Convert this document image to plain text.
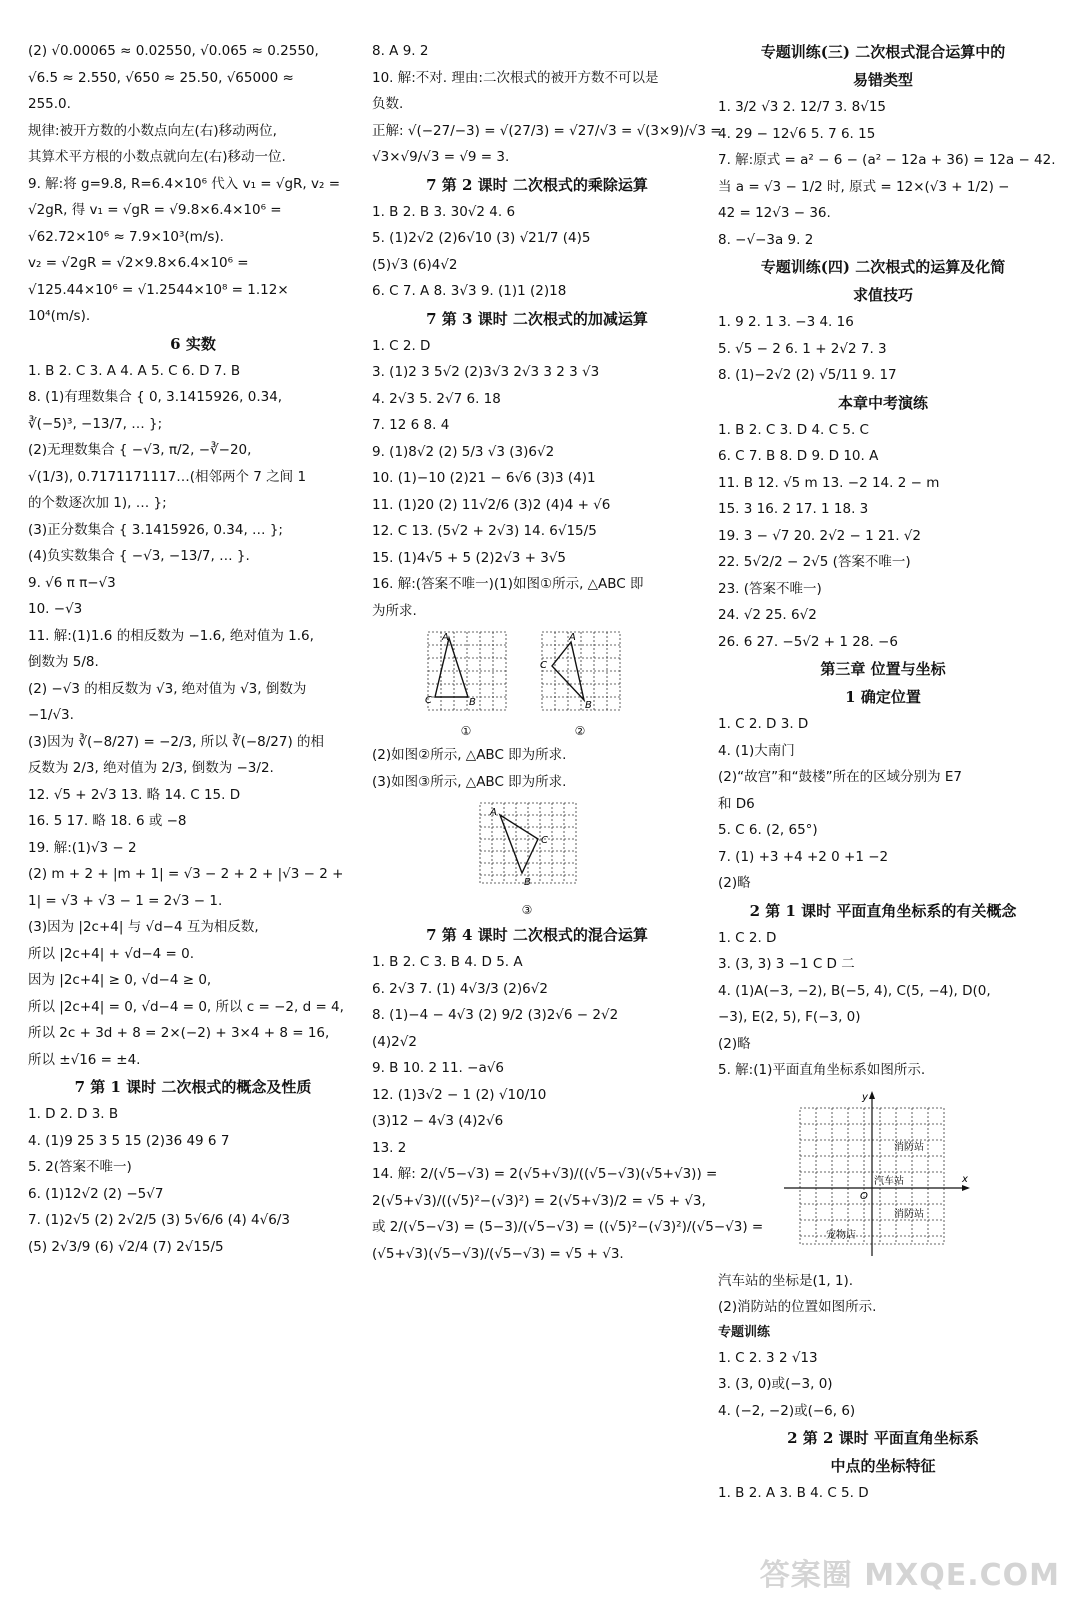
(2) √0.00065 ≈ 0.02550, √0.065 ≈ 0.2550,
√6.5 ≈ 2.550, √650 ≈ 25.50, √65000 ≈
255.0.
规律:被开方数的小数点向左(右)移动两位,
其算术平方根的小数点就向左(右)移动一位.
9. 解:将 g=9.8, R=6.4×10⁶ 代入 v₁ = √gR, v₂ =
√2gR, 得 v₁ = √gR = √9.8×6.4×10⁶ =
√62.72×10⁶ ≈ 7.9×10³(m/s).
v₂ = √2gR = √2×9.8×6.4×10⁶ =
√125.44×10⁶ = √1.2544×10⁸ = 1.12×
10⁴(m/s).
6 实数
1. B 2. C 3. A 4. A 5. C 6. D 7. B
8. (1)有理数集合 { 0, 3.1415926, 0.3̇4̇,
∛(−5)³, −13/7, … };
(2)无理数集合 { −√3, π/2, −∛−20,
√(1/3), 0.7171171117…(相邻两个 7 之间 1
的个数逐次加 1), … };
(3)正分数集合 { 3.1415926, 0.3̇4̇, … };
(4)负实数集合 { −√3, −13/7, … }.
9. √6 π π−√3
10. −√3
11. 解:(1)1.6 的相反数为 −1.6, 绝对值为 1.6,
倒数为 5/8.
(2) −√3 的相反数为 √3, 绝对值为 √3, 倒数为
−1/√3.
(3)因为 ∛(−8/27) = −2/3, 所以 ∛(−8/27) 的相
反数为 2/3, 绝对值为 2/3, 倒数为 −3/2.
12. √5 + 2√3 13. 略 14. C 15. D
16. 5 17. 略 18. 6 或 −8
19. 解:(1)√3 − 2
(2) m + 2 + |m + 1| = √3 − 2 + 2 + |√3 − 2 +
1| = √3 + √3 − 1 = 2√3 − 1.
(3)因为 |2c+4| 与 √d−4 互为相反数,
所以 |2c+4| + √d−4 = 0.
因为 |2c+4| ≥ 0, √d−4 ≥ 0,
所以 |2c+4| = 0, √d−4 = 0, 所以 c = −2, d = 4,
所以 2c + 3d + 8 = 2×(−2) + 3×4 + 8 = 16,
所以 ±√16 = ±4.
7 第 1 课时 二次根式的概念及性质
1. D 2. D 3. B
4. (1)9 25 3 5 15 (2)36 49 6 7
5. 2(答案不唯一)
6. (1)12√2 (2) −5√7
7. (1)2√5 (2) 2√2/5 (3) 5√6/6 (4) 4√6/3
(5) 2√3/9 (6) √2/4 (7) 2√15/5
8. A 9. 2
10. 解:不对. 理由:二次根式的被开方数不可以是
负数.
正解: √(−27/−3) = √(27/3) = √27/√3 = √(3×9)/√3 =
√3×√9/√3 = √9 = 3.
7 第 2 课时 二次根式的乘除运算
1. B 2. B 3. 30√2 4. 6
5. (1)2√2 (2)6√10 (3) √21/7 (4)5
(5)√3 (6)4√2
6. C 7. A 8. 3√3 9. (1)1 (2)18
7 第 3 课时 二次根式的加减运算
1. C 2. D
3. (1)2 3 5√2 (2)3√3 2√3 3 2 3 √3
4. 2√3 5. 2√7 6. 18
7. 12 6 8. 4
9. (1)8√2 (2) 5/3 √3 (3)6√2
10. (1)−10 (2)21 − 6√6 (3)3 (4)1
11. (1)20 (2) 11√2/6 (3)2 (4)4 + √6
12. C 13. (5√2 + 2√3) 14. 6√15/5
15. (1)4√5 + 5 (2)2√3 + 3√5
16. 解:(答案不唯一)(1)如图①所示, △ABC 即
为所求.
A
C	B
①
A
C
B
②
(2)如图②所示, △ABC 即为所求.
(3)如图③所示, △ABC 即为所求.
A
C
B
③
7 第 4 课时 二次根式的混合运算
1. B 2. C 3. B 4. D 5. A
6. 2√3 7. (1) 4√3/3 (2)6√2
8. (1)−4 − 4√3 (2) 9/2 (3)2√6 − 2√2
(4)2√2
9. B 10. 2 11. −a√6
12. (1)3√2 − 1 (2) √10/10
(3)12 − 4√3 (4)2√6
13. 2
14. 解: 2/(√5−√3) = 2(√5+√3)/((√5−√3)(√5+√3)) =
2(√5+√3)/((√5)²−(√3)²) = 2(√5+√3)/2 = √5 + √3,
或 2/(√5−√3) = (5−3)/(√5−√3) = ((√5)²−(√3)²)/(√5−√3) =
(√5+√3)(√5−√3)/(√5−√3) = √5 + √3.
专题训练(三) 二次根式混合运算中的
易错类型
1. 3/2 √3 2. 12/7 3. 8√15
4. 29 − 12√6 5. 7 6. 15
7. 解:原式 = a² − 6 − (a² − 12a + 36) = 12a − 42.
当 a = √3 − 1/2 时, 原式 = 12×(√3 + 1/2) −
42 = 12√3 − 36.
8. −√−3a 9. 2
专题训练(四) 二次根式的运算及化简
求值技巧
1. 9 2. 1 3. −3 4. 16
5. √5 − 2 6. 1 + 2√2 7. 3
8. (1)−2√2 (2) √5/11 9. 17
本章中考演练
1. B 2. C 3. D 4. C 5. C
6. C 7. B 8. D 9. D 10. A
11. B 12. √5 m 13. −2 14. 2 − m
15. 3 16. 2 17. 1 18. 3
19. 3 − √7 20. 2√2 − 1 21. √2
22. 5√2/2 − 2√5 (答案不唯一)
23. (答案不唯一)
24. √2 25. 6√2
26. 6 27. −5√2 + 1 28. −6
第三章 位置与坐标
1 确定位置
1. C 2. D 3. D
4. (1)大南门
(2)“故宫”和“鼓楼”所在的区域分别为 E7
和 D6
5. C 6. (2, 65°)
7. (1) +3 +4 +2 0 +1 −2
(2)略
2 第 1 课时 平面直角坐标系的有关概念
1. C 2. D
3. (3, 3) 3 −1 C D 二
4. (1)A(−3, −2), B(−5, 4), C(5, −4), D(0,
−3), E(2, 5), F(−3, 0)
(2)略
5. 解:(1)平面直角坐标系如图所示.
x
y
O
消防站
汽车站
消防站
宠物店
汽车站的坐标是(1, 1).
(2)消防站的位置如图所示.
专题训练
1. C 2. 3 2 √13
3. (3, 0)或(−3, 0)
4. (−2, −2)或(−6, 6)
2 第 2 课时 平面直角坐标系
中点的坐标特征
1. B 2. A 3. B 4. C 5. D
答案圈 MXQE.COM
